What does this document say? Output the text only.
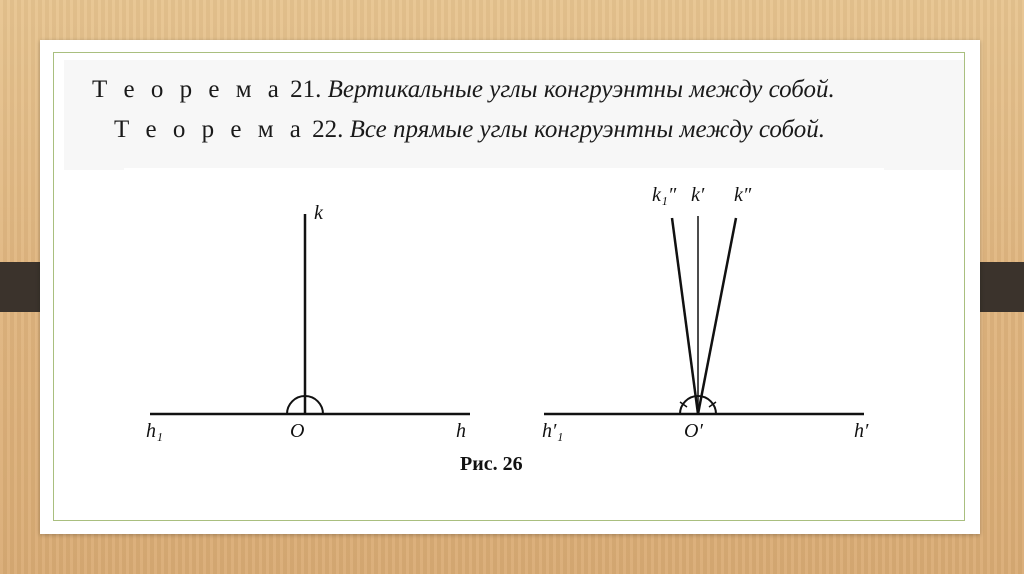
Т е о р е м а 21. Вертикальные углы конгруэнтны между собой.
Т е о р е м а 22. Все прямые углы конгруэнтны между собой.
k
h₁	O	h
k₁″ k′ k″
h′₁	O′	h′
Рис. 26
